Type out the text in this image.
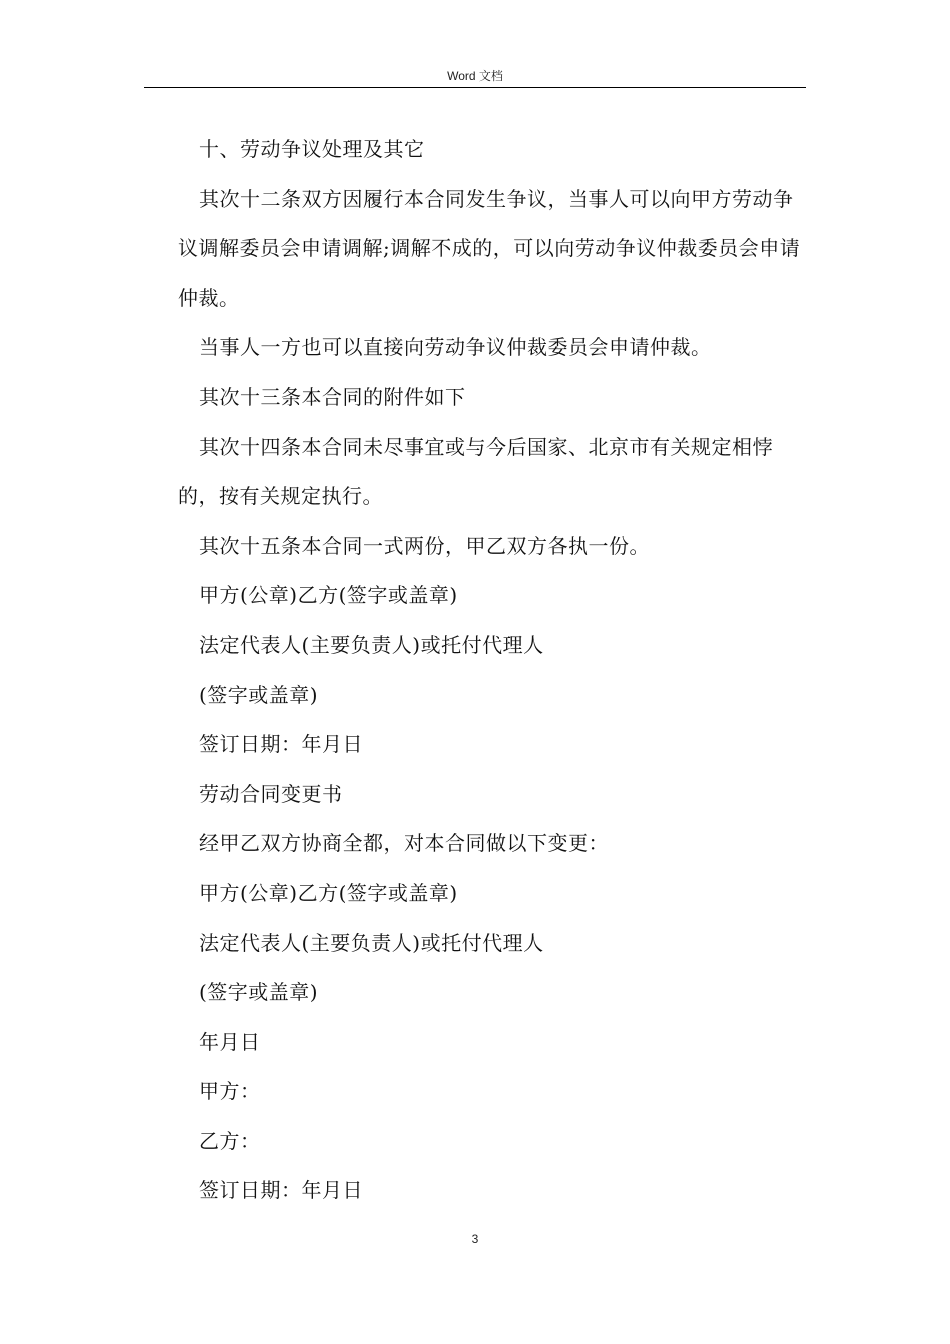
Word 文档

十、劳动争议处理及其它

其次十二条双方因履行本合同发生争议，当事人可以向甲方劳动争议调解委员会申请调解;调解不成的，可以向劳动争议仲裁委员会申请仲裁。

当事人一方也可以直接向劳动争议仲裁委员会申请仲裁。

其次十三条本合同的附件如下

其次十四条本合同未尽事宜或与今后国家、北京市有关规定相悖的，按有关规定执行。

其次十五条本合同一式两份，甲乙双方各执一份。

甲方(公章)乙方(签字或盖章)

法定代表人(主要负责人)或托付代理人

(签字或盖章)

签订日期：年月日

劳动合同变更书

经甲乙双方协商全都，对本合同做以下变更：

甲方(公章)乙方(签字或盖章)

法定代表人(主要负责人)或托付代理人

(签字或盖章)

年月日

甲方：

乙方：

签订日期：年月日

3
